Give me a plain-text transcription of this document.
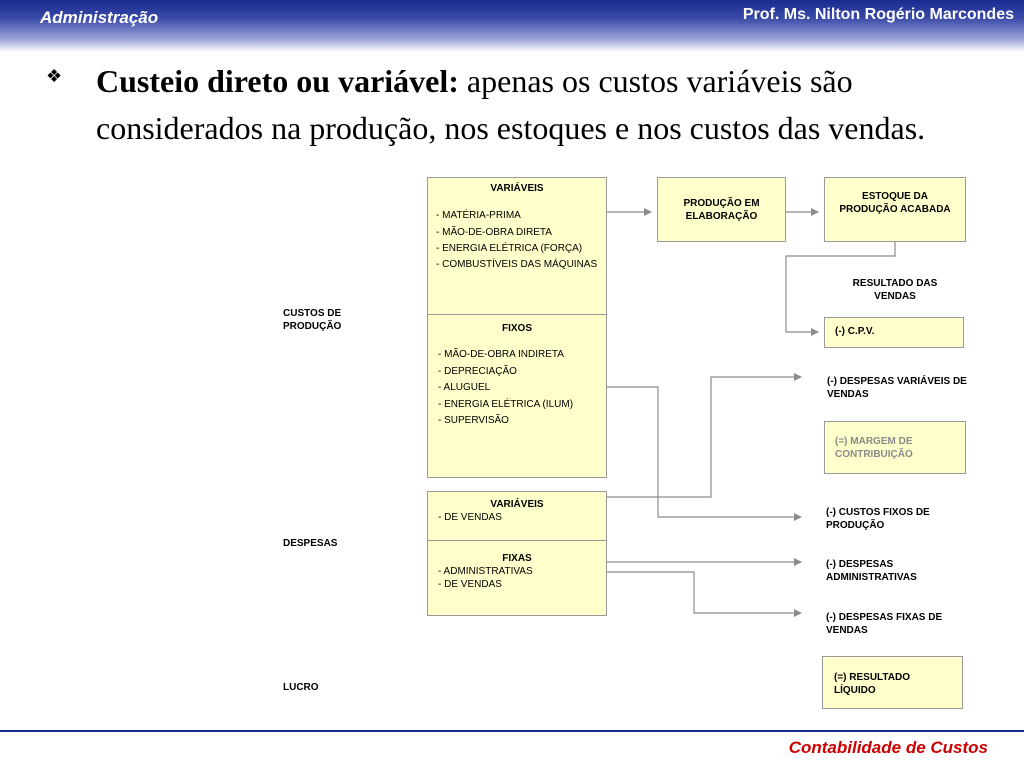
Administração	Prof. Ms. Nilton Rogério Marcondes
❖ Custeio direto ou variável: apenas os custos variáveis são considerados na produção, nos estoques e nos custos das vendas.
CUSTOS DE PRODUÇÃO
DESPESAS
LUCRO
VARIÁVEIS
- MATÉRIA-PRIMA
- MÃO-DE-OBRA DIRETA
- ENERGIA ELÉTRICA (FORÇA)
- COMBUSTÍVEIS DAS MÁQUINAS
FIXOS
- MÃO-DE-OBRA INDIRETA
- DEPRECIAÇÃO
- ALUGUEL
- ENERGIA ELÉTRICA (ILUM)
- SUPERVISÃO
VARIÁVEIS
- DE VENDAS
FIXAS
- ADMINISTRATIVAS
- DE VENDAS
PRODUÇÃO EM ELABORAÇÃO
ESTOQUE DA PRODUÇÃO ACABADA
RESULTADO DAS VENDAS
(-) C.P.V.
(-) DESPESAS VARIÁVEIS DE VENDAS
(=) MARGEM DE CONTRIBUIÇÃO
(-) CUSTOS FIXOS DE PRODUÇÃO
(-) DESPESAS ADMINISTRATIVAS
(-) DESPESAS FIXAS DE VENDAS
(=) RESULTADO LÍQUIDO
Contabilidade de Custos
